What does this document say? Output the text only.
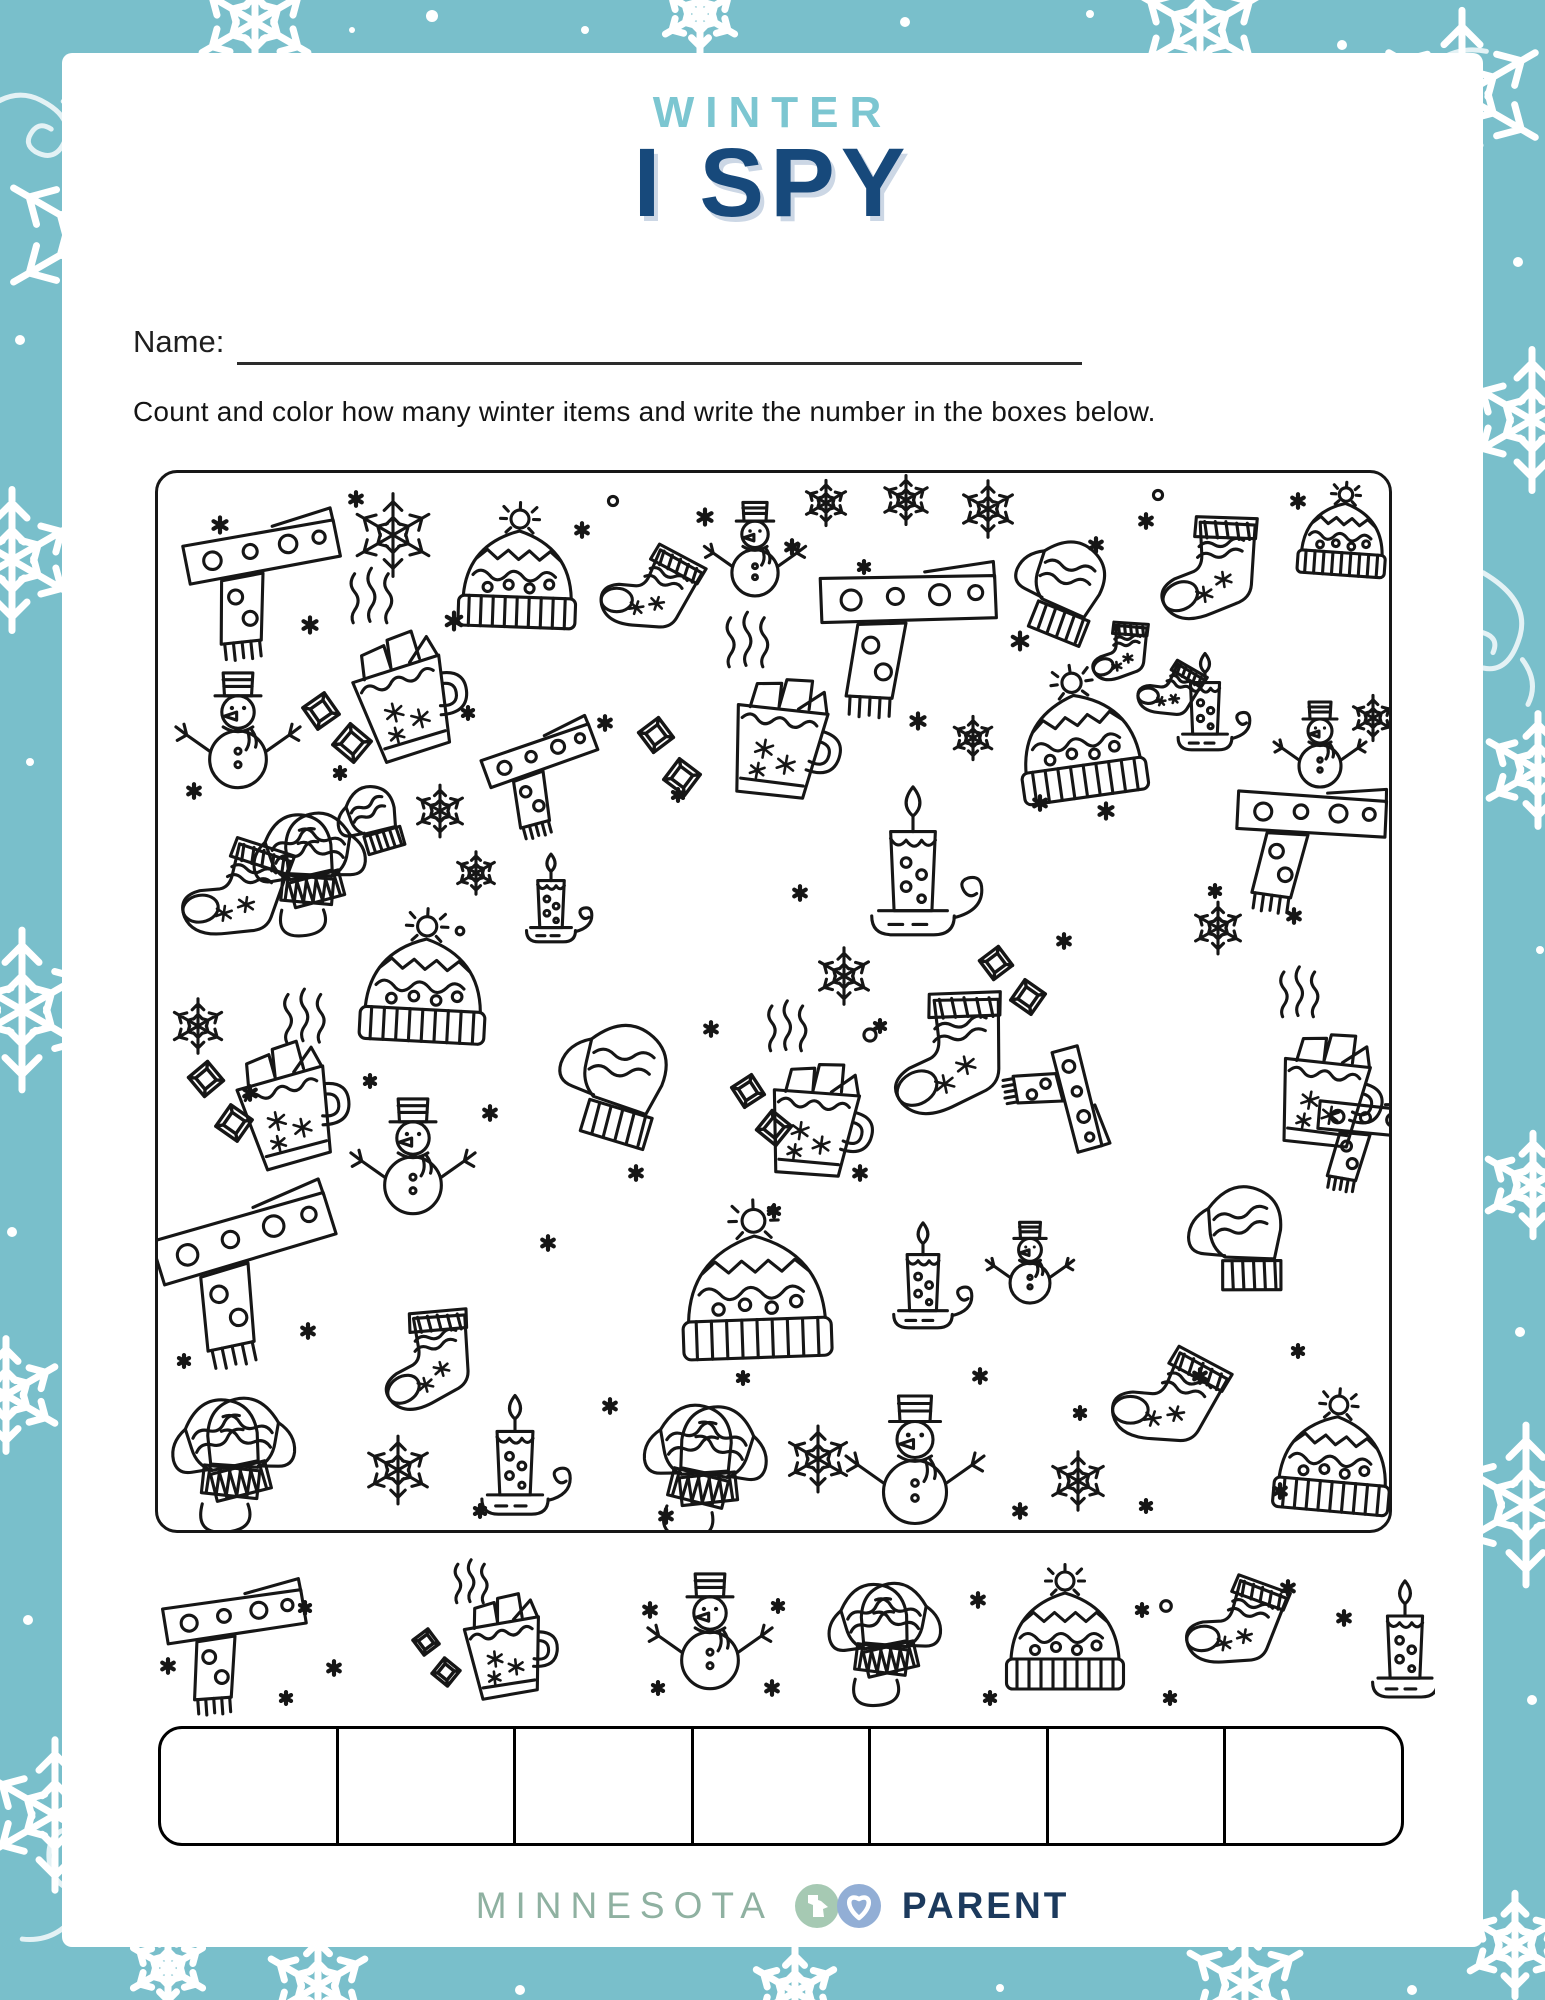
WINTER
I SPY
Name:
Count and color how many winter items and write the number in the boxes below.
MINNESOTA	PARENT
